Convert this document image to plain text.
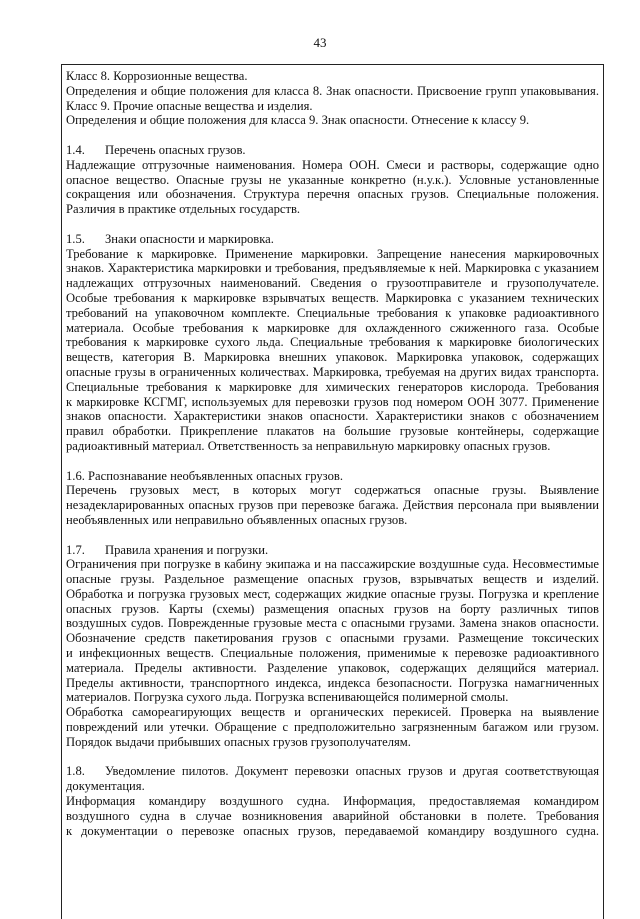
43
Класс 8. Коррозионные вещества.
Определения и общие положения для класса 8. Знак опасности. Присвоение групп упаковывания.
Класс 9. Прочие опасные вещества и изделия.
Определения и общие положения для класса 9. Знак опасности. Отнесение к классу 9.
1.4. Перечень опасных грузов.
Надлежащие отгрузочные наименования. Номера ООН. Смеси и растворы, содержащие одно
опасное вещество. Опасные грузы не указанные конкретно (н.у.к.). Условные установленные
сокращения или обозначения. Структура перечня опасных грузов. Специальные положения.
Различия в практике отдельных государств.
1.5. Знаки опасности и маркировка.
Требование к маркировке. Применение маркировки. Запрещение нанесения маркировочных
знаков. Характеристика маркировки и требования, предъявляемые к ней. Маркировка с указанием
надлежащих отгрузочных наименований. Сведения о грузоотправителе и грузополучателе.
Особые требования к маркировке взрывчатых веществ. Маркировка с указанием технических
требований на упаковочном комплекте. Специальные требования к упаковке радиоактивного
материала. Особые требования к маркировке для охлажденного сжиженного газа. Особые
требования к маркировке сухого льда. Специальные требования к маркировке биологических
веществ, категория В. Маркировка внешних упаковок. Маркировка упаковок, содержащих
опасные грузы в ограниченных количествах. Маркировка, требуемая на других видах транспорта.
Специальные требования к маркировке для химических генераторов кислорода. Требования
к маркировке КСГМГ, используемых для перевозки грузов под номером ООН 3077. Применение
знаков опасности. Характеристики знаков опасности. Характеристики знаков с обозначением
правил обработки. Прикрепление плакатов на большие грузовые контейнеры, содержащие
радиоактивный материал. Ответственность за неправильную маркировку опасных грузов.
1.6. Распознавание необъявленных опасных грузов.
Перечень грузовых мест, в которых могут содержаться опасные грузы. Выявление
незадекларированных опасных грузов при перевозке багажа. Действия персонала при выявлении
необъявленных или неправильно объявленных опасных грузов.
1.7. Правила хранения и погрузки.
Ограничения при погрузке в кабину экипажа и на пассажирские воздушные суда. Несовместимые
опасные грузы. Раздельное размещение опасных грузов, взрывчатых веществ и изделий.
Обработка и погрузка грузовых мест, содержащих жидкие опасные грузы. Погрузка и крепление
опасных грузов. Карты (схемы) размещения опасных грузов на борту различных типов
воздушных судов. Поврежденные грузовые места с опасными грузами. Замена знаков опасности.
Обозначение средств пакетирования грузов с опасными грузами. Размещение токсических
и инфекционных веществ. Специальные положения, применимые к перевозке радиоактивного
материала. Пределы активности. Разделение упаковок, содержащих делящийся материал.
Пределы активности, транспортного индекса, индекса безопасности. Погрузка намагниченных
материалов. Погрузка сухого льда. Погрузка вспенивающейся полимерной смолы.
Обработка самореагирующих веществ и органических перекисей. Проверка на выявление
повреждений или утечки. Обращение с предположительно загрязненным багажом или грузом.
Порядок выдачи прибывших опасных грузов грузополучателям.
1.8. Уведомление пилотов. Документ перевозки опасных грузов и другая соответствующая
документация.
Информация командиру воздушного судна. Информация, предоставляемая командиром
воздушного судна в случае возникновения аварийной обстановки в полете. Требования
к документации о перевозке опасных грузов, передаваемой командиру воздушного судна.
